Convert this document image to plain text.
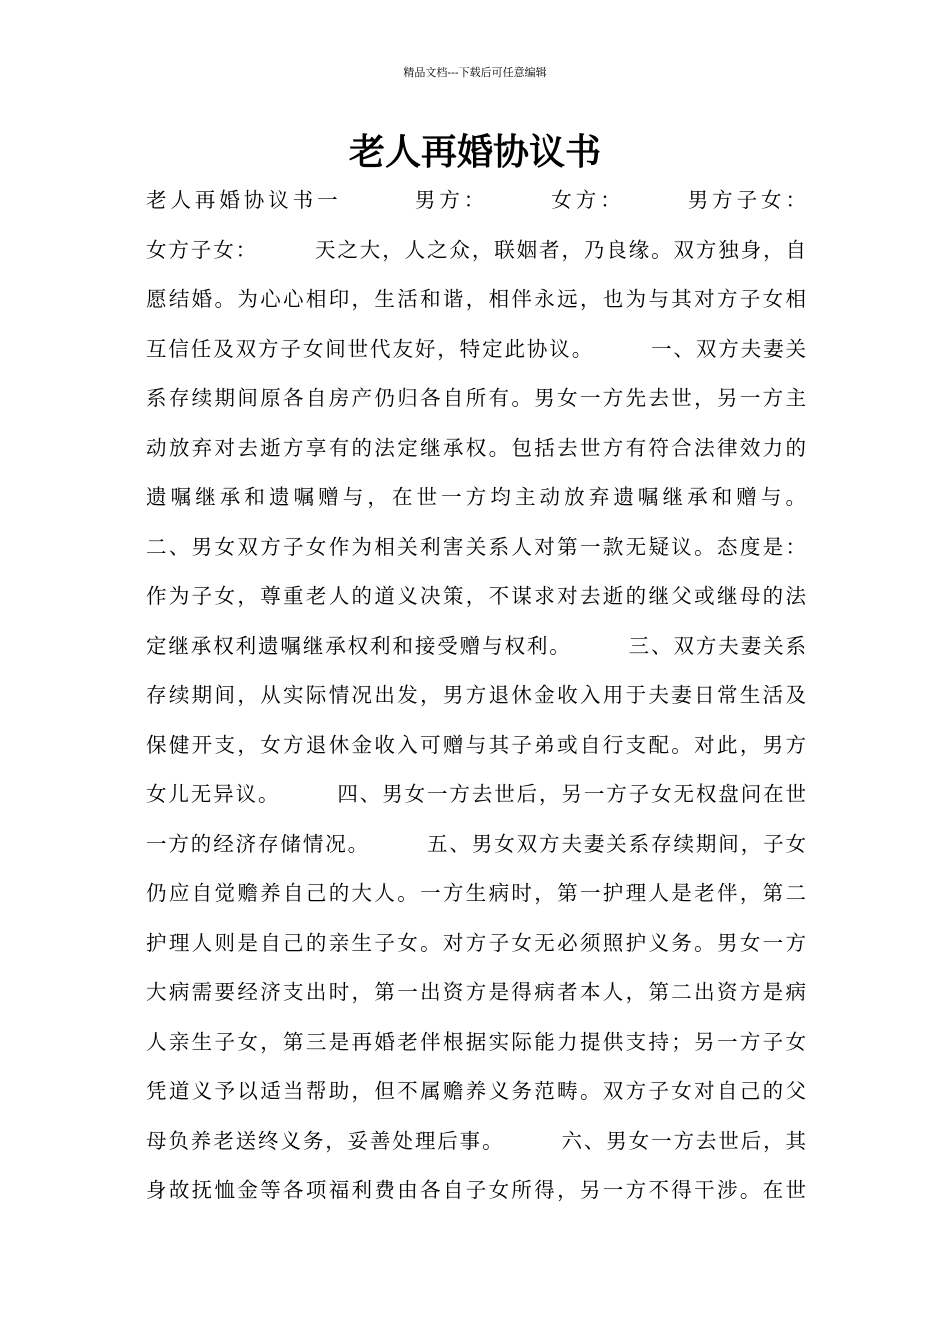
精品文档---下载后可任意编辑
老人再婚协议书
老人再婚协议书一　　　男方：　　　女方：　　　男方子女：
女方子女：　　　天之大，人之众，联姻者，乃良缘。双方独身，自
愿结婚。为心心相印，生活和谐，相伴永远，也为与其对方子女相
互信任及双方子女间世代友好，特定此协议。　　　一、双方夫妻关
系存续期间原各自房产仍归各自所有。男女一方先去世，另一方主
动放弃对去逝方享有的法定继承权。包括去世方有符合法律效力的
遗嘱继承和遗嘱赠与，在世一方均主动放弃遗嘱继承和赠与。
二、男女双方子女作为相关利害关系人对第一款无疑议。态度是：
作为子女，尊重老人的道义决策，不谋求对去逝的继父或继母的法
定继承权利遗嘱继承权利和接受赠与权利。　　　三、双方夫妻关系
存续期间，从实际情况出发，男方退休金收入用于夫妻日常生活及
保健开支，女方退休金收入可赠与其子弟或自行支配。对此，男方
女儿无异议。　　　四、男女一方去世后，另一方子女无权盘问在世
一方的经济存储情况。　　　五、男女双方夫妻关系存续期间，子女
仍应自觉赡养自己的大人。一方生病时，第一护理人是老伴，第二
护理人则是自己的亲生子女。对方子女无必须照护义务。男女一方
大病需要经济支出时，第一出资方是得病者本人，第二出资方是病
人亲生子女，第三是再婚老伴根据实际能力提供支持；另一方子女
凭道义予以适当帮助，但不属赡养义务范畴。双方子女对自己的父
母负养老送终义务，妥善处理后事。　　　六、男女一方去世后，其
身故抚恤金等各项福利费由各自子女所得，另一方不得干涉。在世
